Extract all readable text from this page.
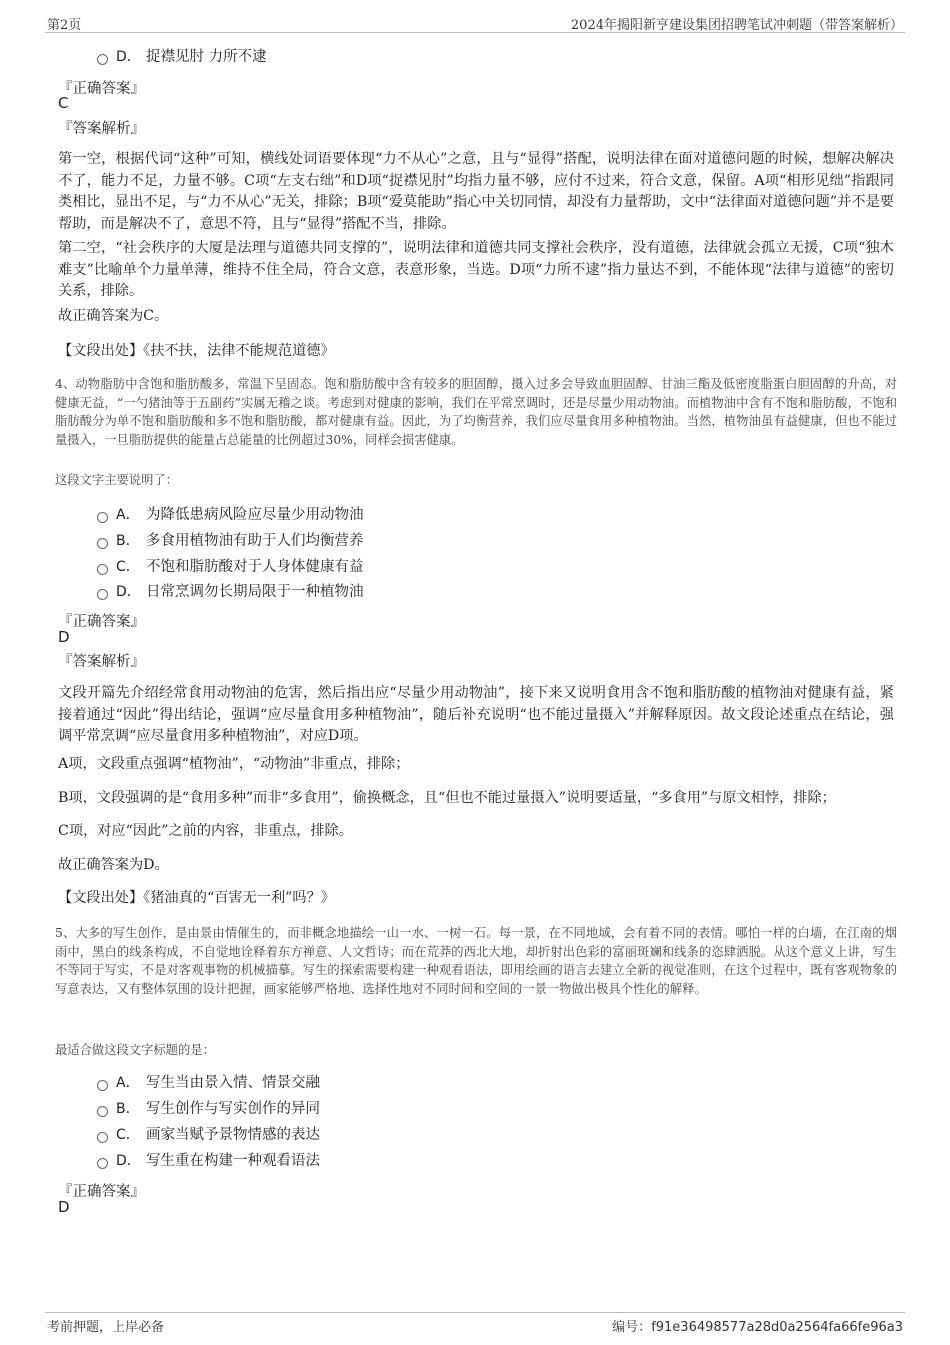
第2页	2024年揭阳新亨建设集团招聘笔试冲刺题（带答案解析）
D． 捉襟见肘 力所不逮
『正确答案』
C
『答案解析』
第一空，根据代词“这种”可知，横线处词语要体现“力不从心”之意，且与“显得”搭配，说明法律在面对道德问题的时候，想解决解决不了，能力不足，力量不够。C项“左支右绌”和D项“捉襟见肘”均指力量不够，应付不过来，符合文意，保留。A项“相形见绌”指跟同类相比，显出不足，与“力不从心”无关，排除；B项“爱莫能助”指心中关切同情，却没有力量帮助，文中“法律面对道德问题”并不是要帮助，而是解决不了，意思不符，且与“显得”搭配不当，排除。
第二空，“社会秩序的大厦是法理与道德共同支撑的”，说明法律和道德共同支撑社会秩序，没有道德，法律就会孤立无援，C项“独木难支”比喻单个力量单薄，维持不住全局，符合文意，表意形象，当选。D项“力所不逮”指力量达不到，不能体现“法律与道德”的密切关系，排除。
故正确答案为C。
【文段出处】《扶不扶，法律不能规范道德》
4、动物脂肪中含饱和脂肪酸多，常温下呈固态。饱和脂肪酸中含有较多的胆固醇，摄入过多会导致血胆固醇、甘油三酯及低密度脂蛋白胆固醇的升高，对健康无益，“一勺猪油等于五副药”实属无稽之谈。考虑到对健康的影响，我们在平常烹调时，还是尽量少用动物油。而植物油中含有不饱和脂肪酸，不饱和脂肪酸分为单不饱和脂肪酸和多不饱和脂肪酸，都对健康有益。因此，为了均衡营养，我们应尽量食用多种植物油。当然，植物油虽有益健康，但也不能过量摄入，一旦脂肪提供的能量占总能量的比例超过30%，同样会损害健康。
这段文字主要说明了：
A． 为降低患病风险应尽量少用动物油
B． 多食用植物油有助于人们均衡营养
C． 不饱和脂肪酸对于人身体健康有益
D． 日常烹调勿长期局限于一种植物油
『正确答案』
D
『答案解析』
文段开篇先介绍经常食用动物油的危害，然后指出应“尽量少用动物油”，接下来又说明食用含不饱和脂肪酸的植物油对健康有益，紧接着通过“因此”得出结论，强调“应尽量食用多种植物油”，随后补充说明“也不能过量摄入”并解释原因。故文段论述重点在结论，强调平常烹调“应尽量食用多种植物油”，对应D项。
A项，文段重点强调“植物油”，“动物油”非重点，排除；
B项，文段强调的是“食用多种”而非“多食用”，偷换概念，且“但也不能过量摄入”说明要适量，“多食用”与原文相悖，排除；
C项，对应“因此”之前的内容，非重点，排除。
故正确答案为D。
【文段出处】《猪油真的“百害无一利”吗？》
5、大多的写生创作，是由景由情催生的，而非概念地描绘一山一水、一树一石。每一景，在不同地域，会有着不同的表情。哪怕一样的白墙，在江南的烟雨中，黑白的线条构成，不自觉地诠释着东方禅意、人文哲诗；而在荒莽的西北大地，却折射出色彩的富丽斑斓和线条的恣肆洒脱。从这个意义上讲，写生不等同于写实，不是对客观事物的机械描摹。写生的探索需要构建一种观看语法，即用绘画的语言去建立全新的视觉准则，在这个过程中，既有客观物象的写意表达，又有整体氛围的设计把握，画家能够严格地、选择性地对不同时间和空间的一景一物做出极具个性化的解释。
最适合做这段文字标题的是：
A． 写生当由景入情、情景交融
B． 写生创作与写实创作的异同
C． 画家当赋予景物情感的表达
D． 写生重在构建一种观看语法
『正确答案』
D
考前押题，上岸必备	编号：f91e36498577a28d0a2564fa66fe96a3
